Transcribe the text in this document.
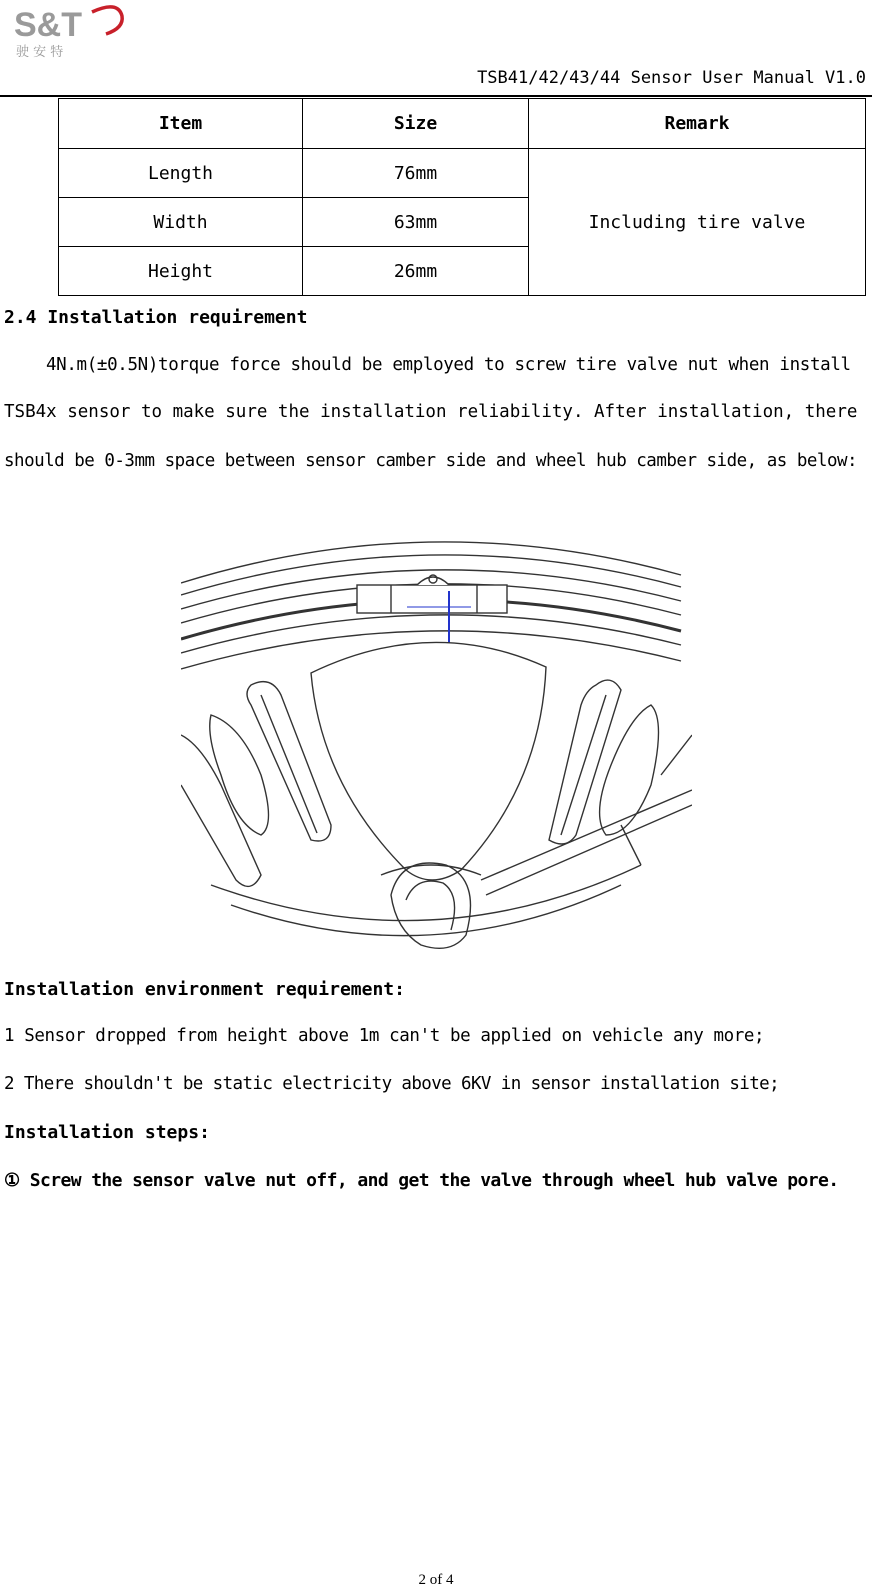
S&T
驶 安 特
TSB41/42/43/44 Sensor User Manual V1.0
Item	Size	Remark
Length	76mm	Including tire valve
Width	63mm	
Height	26mm	
2.4 Installation requirement
4N.m(±0.5N)torque force should be employed to screw tire valve nut when install
TSB4x sensor to make sure the installation reliability. After installation, there
should be 0-3mm space between sensor camber side and wheel hub camber side, as below:
Installation environment requirement:
1 Sensor dropped from height above 1m can't be applied on vehicle any more;
2 There shouldn't be static electricity above 6KV in sensor installation site;
Installation steps:
① Screw the sensor valve nut off, and get the valve through wheel hub valve pore.
2 of 4
